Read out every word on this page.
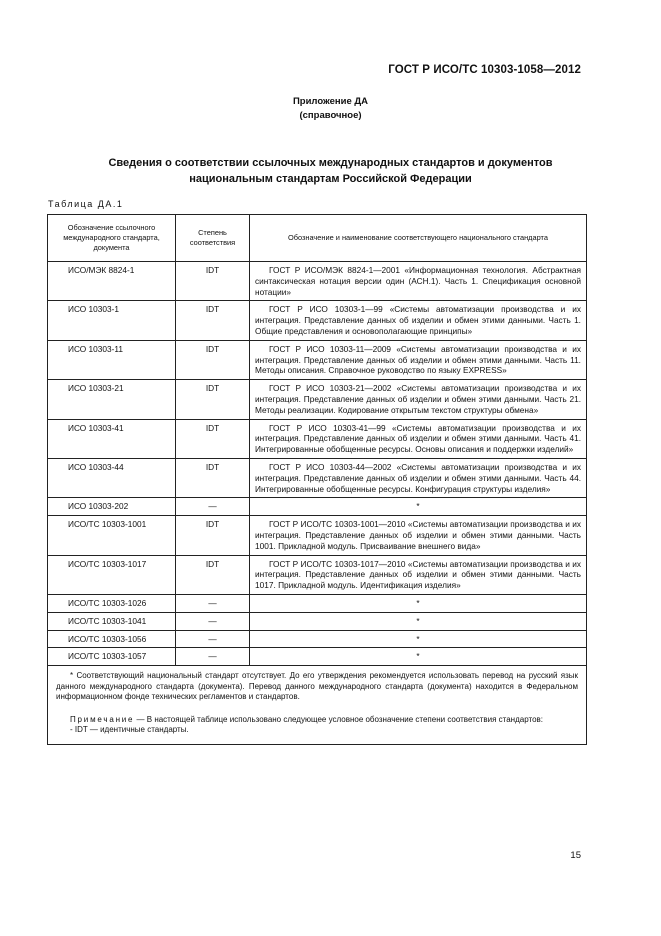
ГОСТ Р ИСО/ТС 10303-1058—2012
Приложение ДА
(справочное)
Сведения о соответствии ссылочных международных стандартов и документов
национальным стандартам Российской Федерации
Таблица ДА.1
Обозначение ссылочного международного стандарта, документа	Степень соответствия	Обозначение и наименование соответствующего национального стандарта
ИСО/МЭК 8824-1	IDT	ГОСТ Р ИСО/МЭК 8824-1—2001 «Информационная технология. Абстрактная синтаксическая нотация версии один (АСН.1). Часть 1. Спецификация основной нотации»
ИСО 10303-1	IDT	ГОСТ Р ИСО 10303-1—99 «Системы автоматизации производства и их интеграция. Представление данных об изделии и обмен этими данными. Часть 1. Общие представления и основополагающие принципы»
ИСО 10303-11	IDT	ГОСТ Р ИСО 10303-11—2009 «Системы автоматизации производства и их интеграция. Представление данных об изделии и обмен этими данными. Часть 11. Методы описания. Справочное руководство по языку EXPRESS»
ИСО 10303-21	IDT	ГОСТ Р ИСО 10303-21—2002 «Системы автоматизации производства и их интеграция. Представление данных об изделии и обмен этими данными. Часть 21. Методы реализации. Кодирование открытым текстом структуры обмена»
ИСО 10303-41	IDT	ГОСТ Р ИСО 10303-41—99 «Системы автоматизации производства и их интеграция. Представление данных об изделии и обмен этими данными. Часть 41. Интегрированные обобщенные ресурсы. Основы описания и поддержки изделий»
ИСО 10303-44	IDT	ГОСТ Р ИСО 10303-44—2002 «Системы автоматизации производства и их интеграция. Представление данных об изделии и обмен этими данными. Часть 44. Интегрированные обобщенные ресурсы. Конфигурация структуры изделия»
ИСО 10303-202	—	*
ИСО/ТС 10303-1001	IDT	ГОСТ Р ИСО/ТС 10303-1001—2010 «Системы автоматизации производства и их интеграция. Представление данных об изделии и обмен этими данными. Часть 1001. Прикладной модуль. Присваивание внешнего вида»
ИСО/ТС 10303-1017	IDT	ГОСТ Р ИСО/ТС 10303-1017—2010 «Системы автоматизации производства и их интеграция. Представление данных об изделии и обмен этими данными. Часть 1017. Прикладной модуль. Идентификация изделия»
ИСО/ТС 10303-1026	—	*
ИСО/ТС 10303-1041	—	*
ИСО/ТС 10303-1056	—	*
ИСО/ТС 10303-1057	—	*

* Соответствующий национальный стандарт отсутствует. До его утверждения рекомендуется использовать перевод на русский язык данного международного стандарта (документа). Перевод данного международного стандарта (документа) находится в Федеральном информационном фонде технических регламентов и стандартов.
Примечание — В настоящей таблице использовано следующее условное обозначение степени соответствия стандартов:
- IDT — идентичные стандарты.		
15
